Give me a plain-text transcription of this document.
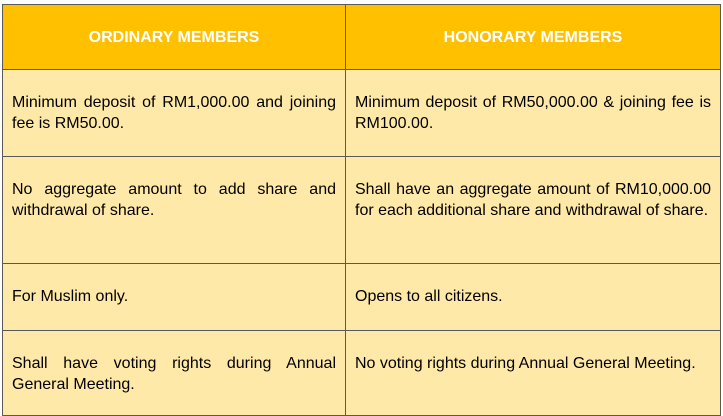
ORDINARY MEMBERS	HONORARY MEMBERS

Minimum deposit of RM1,000.00 and joining fee is RM50.00.	Minimum deposit of RM50,000.00 & joining fee is RM100.00.

No aggregate amount to add share and withdrawal of share.	Shall have an aggregate amount of RM10,000.00 for each additional share and withdrawal of share.

For Muslim only.	Opens to all citizens.

Shall have voting rights during Annual General Meeting.	No voting rights during Annual General Meeting.
